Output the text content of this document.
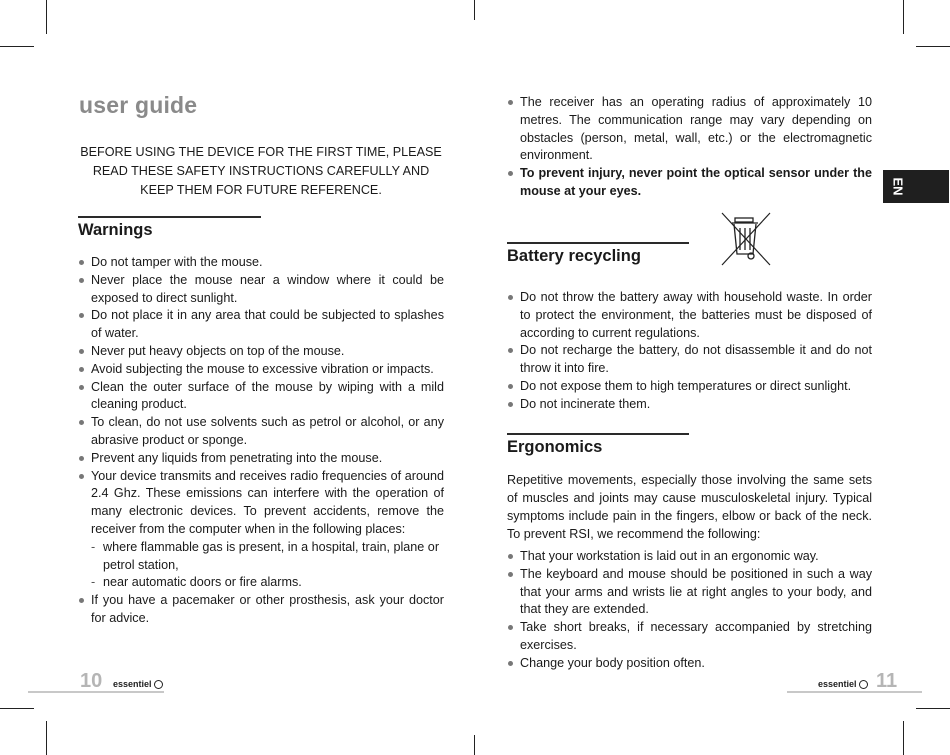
user guide

BEFORE USING THE DEVICE FOR THE FIRST TIME, PLEASE
READ THESE SAFETY INSTRUCTIONS CAREFULLY AND
KEEP THEM FOR FUTURE REFERENCE.

Warnings
Do not tamper with the mouse.
Never place the mouse near a window where it could be exposed to direct sunlight.
Do not place it in any area that could be subjected to splashes of water.
Never put heavy objects on top of the mouse.
Avoid subjecting the mouse to excessive vibration or impacts.
Clean the outer surface of the mouse by wiping with a mild cleaning product.
To clean, do not use solvents such as petrol or alcohol, or any abrasive product or sponge.
Prevent any liquids from penetrating into the mouse.
Your device transmits and receives radio frequencies of around 2.4 Ghz. These emissions can interfere with the operation of many electronic devices. To prevent accidents, remove the receiver from the computer when in the following places:
- where flammable gas is present, in a hospital, train, plane or petrol station,
- near automatic doors or fire alarms.
If you have a pacemaker or other prosthesis, ask your doctor for advice.
10 essentiel
The receiver has an operating radius of approximately 10 metres. The communication range may vary depending on obstacles (person, metal, wall, etc.) or the electromagnetic environment.
To prevent injury, never point the optical sensor under the mouse at your eyes.
Battery recycling
Do not throw the battery away with household waste. In order to protect the environment, the batteries must be disposed of according to current regulations.
Do not recharge the battery, do not disassemble it and do not throw it into fire.
Do not expose them to high temperatures or direct sunlight.
Do not incinerate them.
Ergonomics

Repetitive movements, especially those involving the same sets of muscles and joints may cause musculoskeletal injury. Typical symptoms include pain in the fingers, elbow or back of the neck. To prevent RSI, we recommend the following:

That your workstation is laid out in an ergonomic way.
The keyboard and mouse should be positioned in such a way that your arms and wrists lie at right angles to your body, and that they are extended.
Take short breaks, if necessary accompanied by stretching exercises.
Change your body position often.
essentiel 11
EN
